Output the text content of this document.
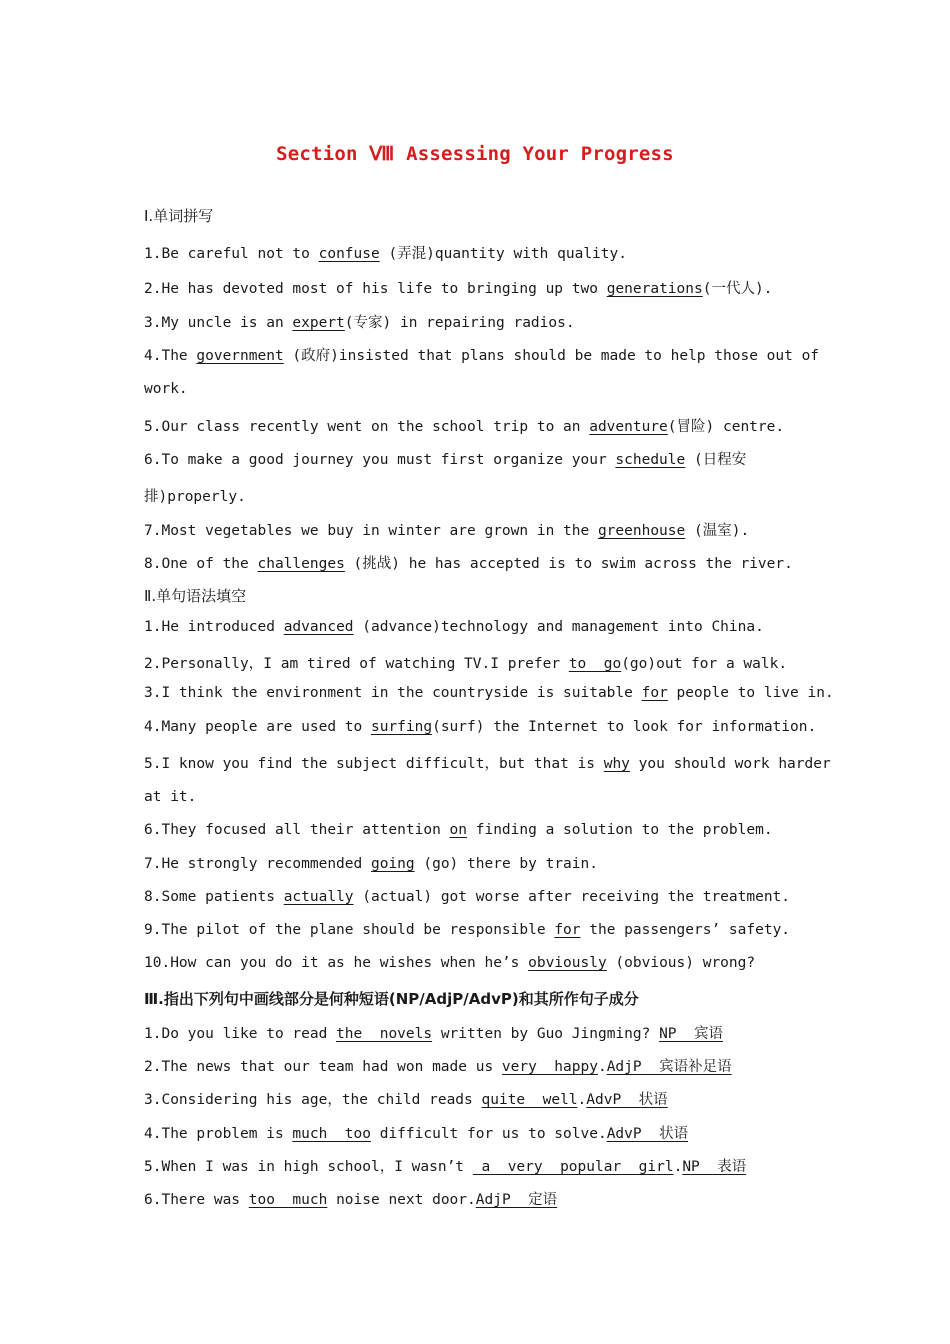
Section Ⅷ Assessing Your Progress
Ⅰ.单词拼写
1.Be careful not to confuse (弄混)quantity with quality.
2.He has devoted most of his life to bringing up two generations(一代人).
3.My uncle is an expert(专家) in repairing radios.
4.The government (政府)insisted that plans should be made to help those out of
work.
5.Our class recently went on the school trip to an adventure(冒险) centre.
6.To make a good journey you must first organize your schedule (日程安
排)properly.
7.Most vegetables we buy in winter are grown in the greenhouse (温室).
8.One of the challenges (挑战) he has accepted is to swim across the river.
Ⅱ.单句语法填空
1.He introduced advanced (advance)technology and management into China.
2.Personally，I am tired of watching TV.I prefer to  go(go)out for a walk.
3.I think the environment in the countryside is suitable for people to live in.
4.Many people are used to surfing(surf) the Internet to look for information.
5.I know you find the subject difficult，but that is why you should work harder
at it.
6.They focused all their attention on finding a solution to the problem.
7.He strongly recommended going (go) there by train.
8.Some patients actually (actual) got worse after receiving the treatment.
9.The pilot of the plane should be responsible for the passengers’ safety.
10.How can you do it as he wishes when he’s obviously (obvious) wrong?
Ⅲ.指出下列句中画线部分是何种短语(NP/AdjP/AdvP)和其所作句子成分
1.Do you like to read the  novels written by Guo Jingming? NP  宾语
2.The news that our team had won made us very  happy.AdjP  宾语补足语
3.Considering his age，the child reads quite  well.AdvP  状语
4.The problem is much  too difficult for us to solve.AdvP  状语
5.When I was in high school，I wasn’t  a  very  popular  girl.NP  表语
6.There was too  much noise next door.AdjP  定语
